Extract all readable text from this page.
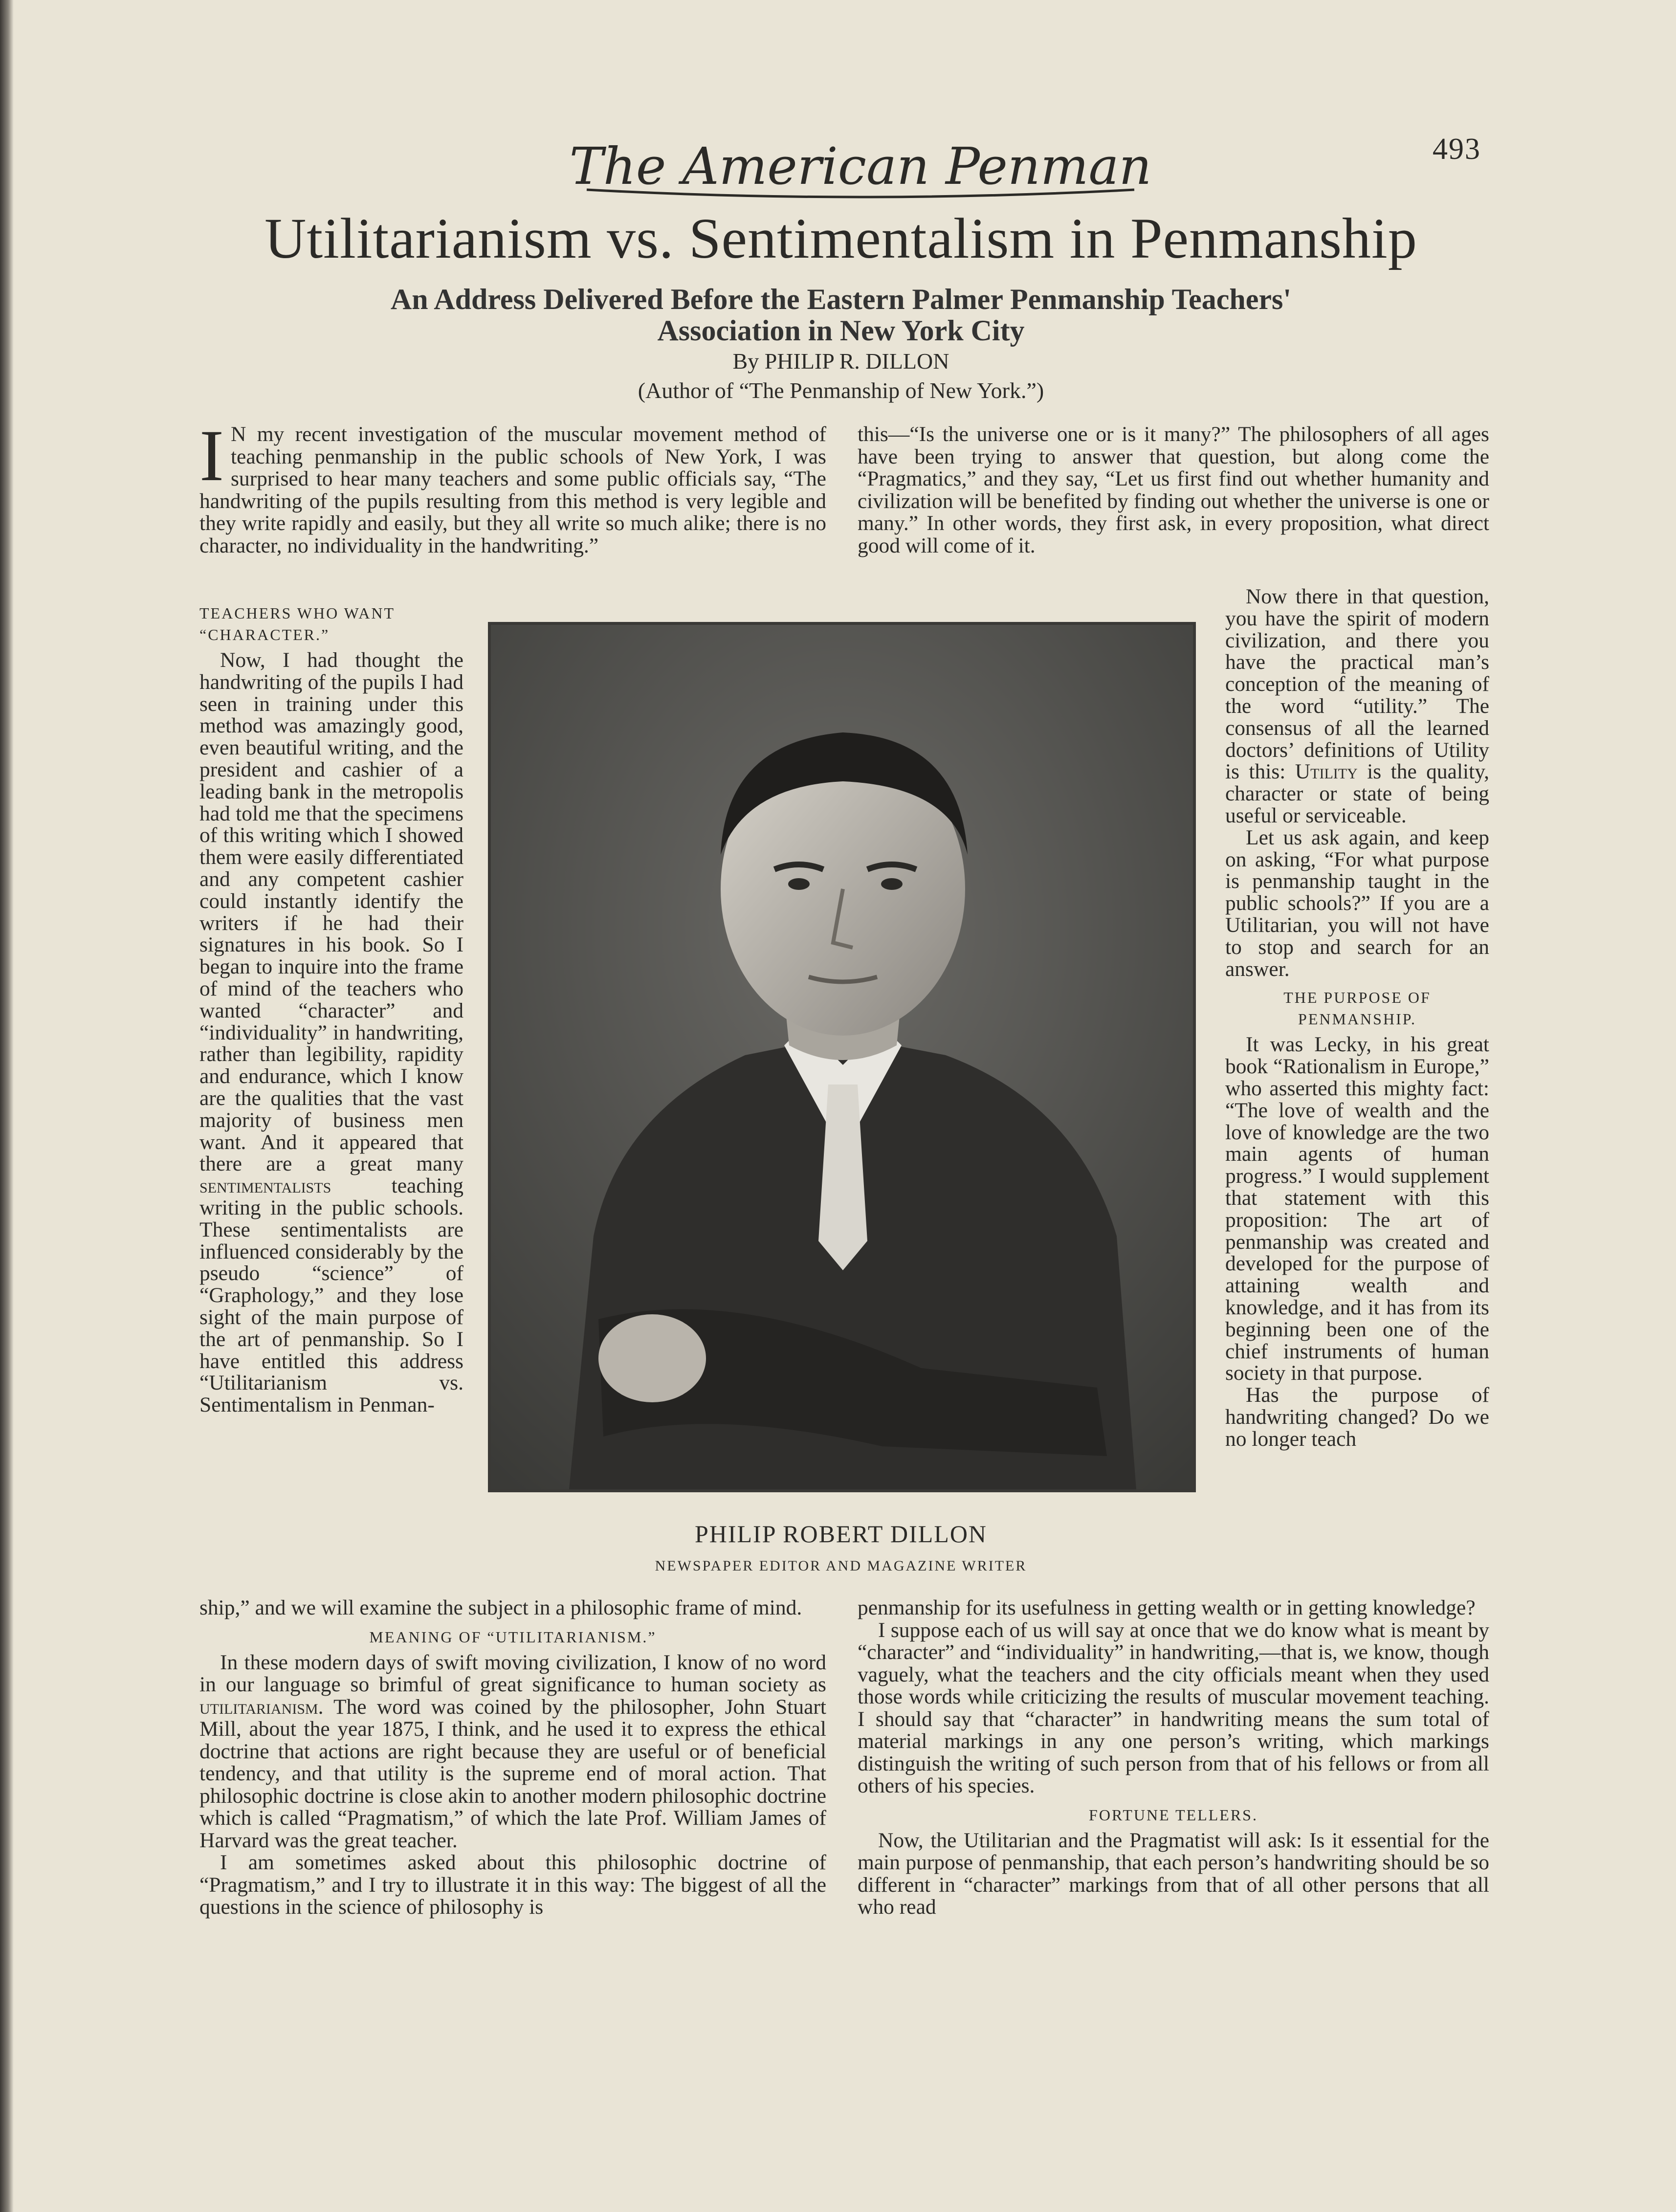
The American Penman	493
Utilitarianism vs. Sentimentalism in Penmanship
An Address Delivered Before the Eastern Palmer Penmanship Teachers'
Association in New York City
By PHILIP R. DILLON
(Author of “The Penmanship of New York.”)
I N my recent investigation of the muscular movement method of teaching penmanship in the public schools of New York, I was surprised to hear many teachers and some public officials say, “The handwriting of the pupils resulting from this method is very legible and they write rapidly and easily, but they all write so much alike; there is no character, no individuality in the handwriting.”
TEACHERS WHO WANT “CHARACTER.”

Now, I had thought the handwriting of the pupils I had seen in training under this method was amazingly good, even beautiful writing, and the president and cashier of a leading bank in the metropolis had told me that the specimens of this writing which I showed them were easily differentiated and any competent cashier could instantly identify the writers if he had their signatures in his book. So I began to inquire into the frame of mind of the teachers who wanted “character” and “individuality” in handwriting, rather than legibility, rapidity and endurance, which I know are the qualities that the vast majority of business men want. And it appeared that there are a great many sentimentalists	teaching writing in the public schools. These sentimentalists are influenced considerably by the pseudo “science” of “Graphology,” and they lose sight of the main purpose of the art of penmanship. So I have entitled this address “Utilitarianism vs. Sentimentalism in Penman-

ship,” and we will examine the subject in a philosophic frame of mind.

MEANING OF “UTILITARIANISM.”

In these modern days of swift moving civilization, I know of no word in our language so brimful of great significance to human society as utilitarianism. The word was coined by the philosopher, John Stuart Mill, about the year 1875, I think, and he used it to express the ethical doctrine that actions are right because they are useful or of beneficial tendency, and that utility is the supreme end of moral action. That philosophic doctrine is close akin to another modern philosophic doctrine which is called “Pragmatism,” of which the late Prof. William James of Harvard was the great teacher.

I am sometimes asked about this philosophic doctrine of “Pragmatism,” and I try to illustrate it in this way: The biggest of all the questions in the science of philosophy is

this—“Is the universe one or is it many?” The philosophers of all ages have been trying to answer that question, but along come the “Pragmatics,” and they say, “Let us first find out whether humanity and civilization will be benefited by finding out whether the universe is one or many.” In other words, they first ask, in every proposition, what direct good will come of it.

Now there in that question, you have the spirit of modern civilization, and there you have the practical man’s conception of the meaning of the word “utility.” The consensus of all the learned doctors’ definitions of Utility is this: Utility is the quality, character or state of being useful or serviceable.

Let us ask again, and keep on asking, “For what purpose is penmanship taught in the public schools?” If you are a Utilitarian, you will not have to stop and search for an answer.

THE PURPOSE OF PENMANSHIP.

It was Lecky, in his great book “Rationalism in Europe,” who asserted this mighty fact: “The love of wealth and the love of knowledge are the two main agents of human progress.” I would supplement that statement with this proposition: The art of penmanship was created and developed for the purpose of attaining wealth and knowledge, and it has from its beginning been one of the chief instruments of human society in that purpose.

Has the purpose of handwriting changed? Do we no longer teach

penmanship for its usefulness in getting wealth or in getting knowledge?

I suppose each of us will say at once that we do know what is meant by “character” and “individuality” in handwriting,—that is, we know, though vaguely, what the teachers and the city officials meant when they used those words while criticizing the results of muscular movement teaching. I should say that “character” in handwriting means the sum total of material markings in any one person’s writing, which markings distinguish the writing of such person from that of his fellows or from all others of his species.

FORTUNE TELLERS.

Now, the Utilitarian and the Pragmatist will ask: Is it essential for the main purpose of penmanship, that each person’s handwriting should be so different in “character” markings from that of all other persons that all who read

PHILIP ROBERT DILLON
NEWSPAPER EDITOR AND MAGAZINE WRITER
